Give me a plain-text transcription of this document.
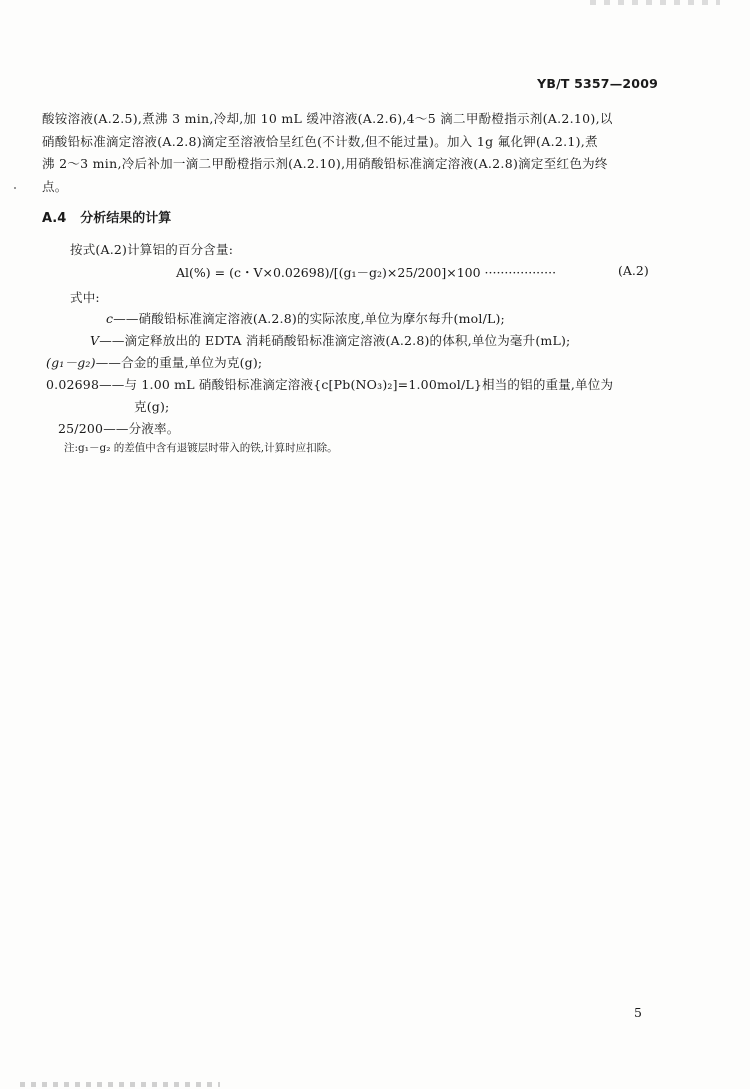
YB/T 5357—2009
酸铵溶液(A.2.5),煮沸 3 min,冷却,加 10 mL 缓冲溶液(A.2.6),4～5 滴二甲酚橙指示剂(A.2.10),以
硝酸铅标准滴定溶液(A.2.8)滴定至溶液恰呈红色(不计数,但不能过量)。加入 1g 氟化钾(A.2.1),煮
沸 2～3 min,冷后补加一滴二甲酚橙指示剂(A.2.10),用硝酸铅标准滴定溶液(A.2.8)滴定至红色为终
点。
A.4 分析结果的计算
按式(A.2)计算铝的百分含量:
Al(%) = (c・V×0.02698)/[(g₁－g₂)×25/200]×100 ··················	(A.2)
式中:
c——硝酸铅标准滴定溶液(A.2.8)的实际浓度,单位为摩尔每升(mol/L);
V——滴定释放出的 EDTA 消耗硝酸铅标准滴定溶液(A.2.8)的体积,单位为毫升(mL);
(g₁－g₂)——合金的重量,单位为克(g);
0.02698——与 1.00 mL 硝酸铅标准滴定溶液{c[Pb(NO₃)₂]=1.00mol/L}相当的铝的重量,单位为
克(g);
25/200——分液率。
注:g₁－g₂ 的差值中含有退镀层时带入的铁,计算时应扣除。
5
